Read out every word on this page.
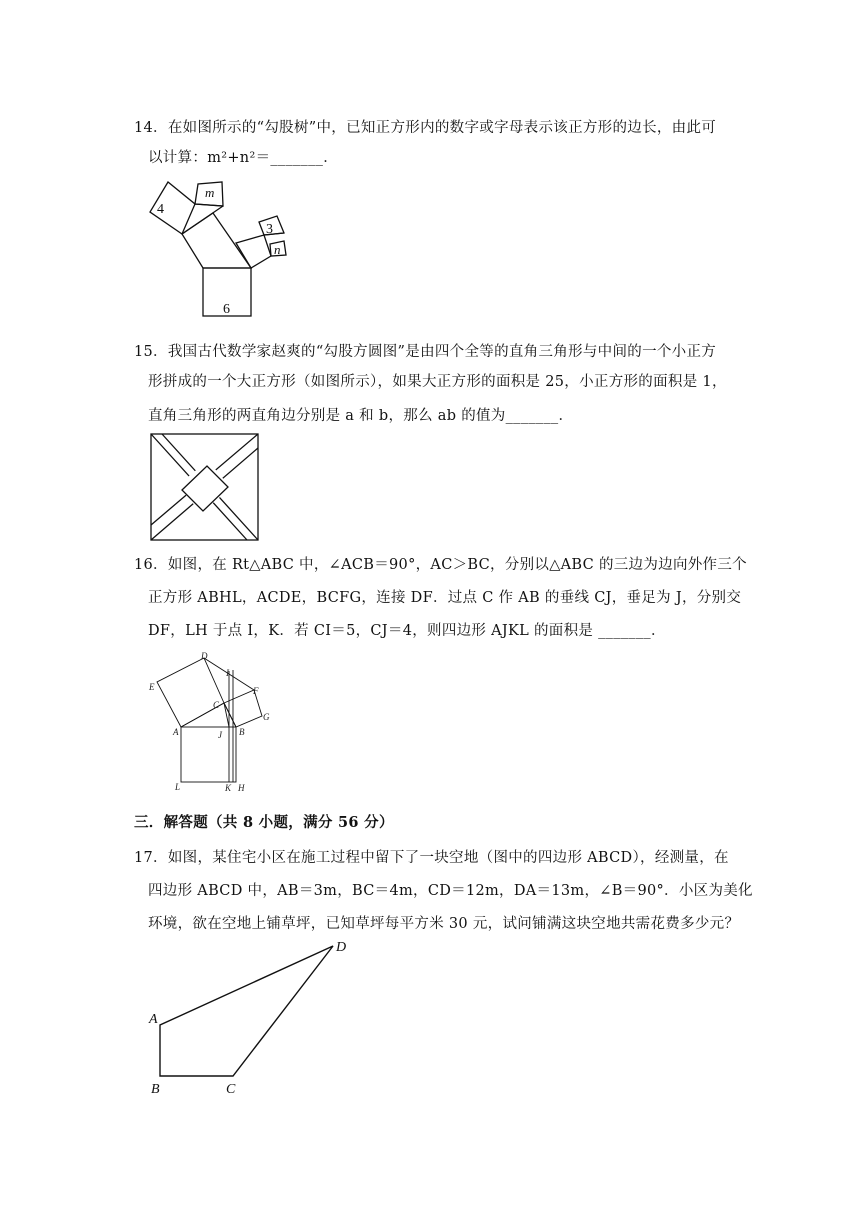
14．在如图所示的“勾股树”中，已知正方形内的数字或字母表示该正方形的边长，由此可
以计算：m²+n²＝_______．
4
m
3
n
6
15．我国古代数学家赵爽的“勾股方圆图”是由四个全等的直角三角形与中间的一个小正方
形拼成的一个大正方形（如图所示），如果大正方形的面积是 25，小正方形的面积是 1，
直角三角形的两直角边分别是 a 和 b，那么 ab 的值为_______．
16．如图，在 Rt△ABC 中，∠ACB＝90°，AC＞BC，分别以△ABC 的三边为边向外作三个
正方形 ABHL，ACDE，BCFG，连接 DF．过点 C 作 AB 的垂线 CJ，垂足为 J，分别交
DF，LH 于点 I，K．若 CI＝5，CJ＝4，则四边形 AJKL 的面积是 _______．
D
I
E	F
C
G
A	J B
L	K H
三．解答题（共 8 小题，满分 56 分）
17．如图，某住宅小区在施工过程中留下了一块空地（图中的四边形 ABCD），经测量，在
四边形 ABCD 中，AB＝3m，BC＝4m，CD＝12m，DA＝13m，∠B＝90°．小区为美化
环境，欲在空地上铺草坪，已知草坪每平方米 30 元，试问铺满这块空地共需花费多少元？
A
B	C
D
